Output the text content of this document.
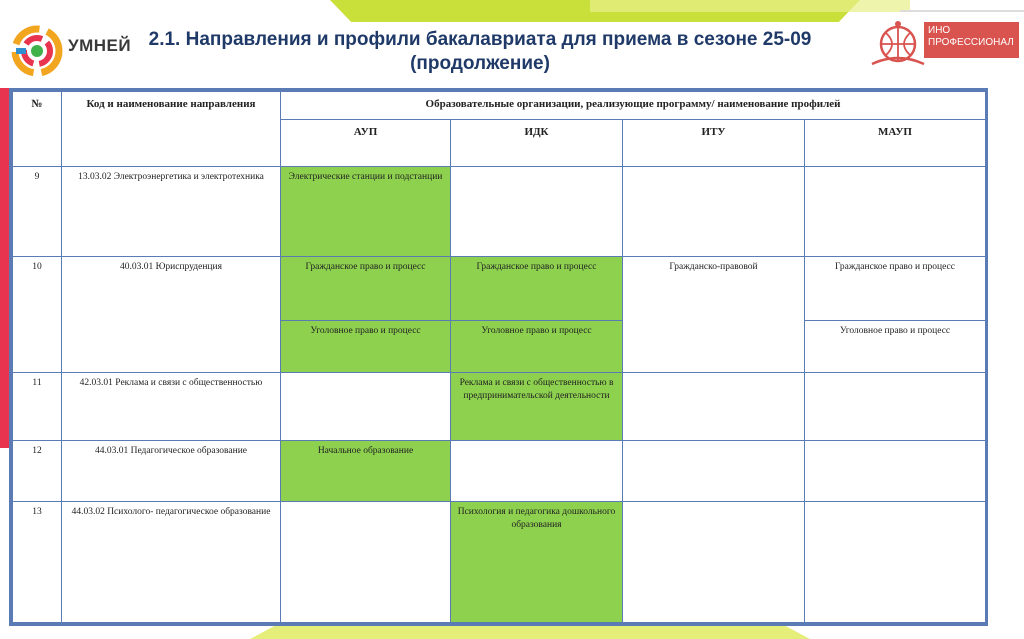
УМНЕЙ
ИНО
ПРОФЕССИОНАЛ
2.1. Направления и профили бакалавриата для приема в сезоне 25-09
(продолжение)
№	Код и наименование направления	Образовательные организации, реализующие программу/ наименование профилей			
		АУП	ИДК	ИТУ	МАУП
9	13.03.02 Электроэнергетика и электротехника	Электрические станции и подстанции			
10	40.03.01 Юриспруденция	Гражданское право и процесс	Гражданское право и процесс	Гражданско-правовой	Гражданское право и процесс
		Уголовное право и процесс	Уголовное право и процесс		Уголовное право и процесс
11	42.03.01 Реклама и связи с общественностью		Реклама и связи с общественностью в предпринимательской деятельности		
12	44.03.01 Педагогическое образование	Начальное образование			
13	44.03.02 Психолого- педагогическое образование		Психология и педагогика дошкольного образования		
